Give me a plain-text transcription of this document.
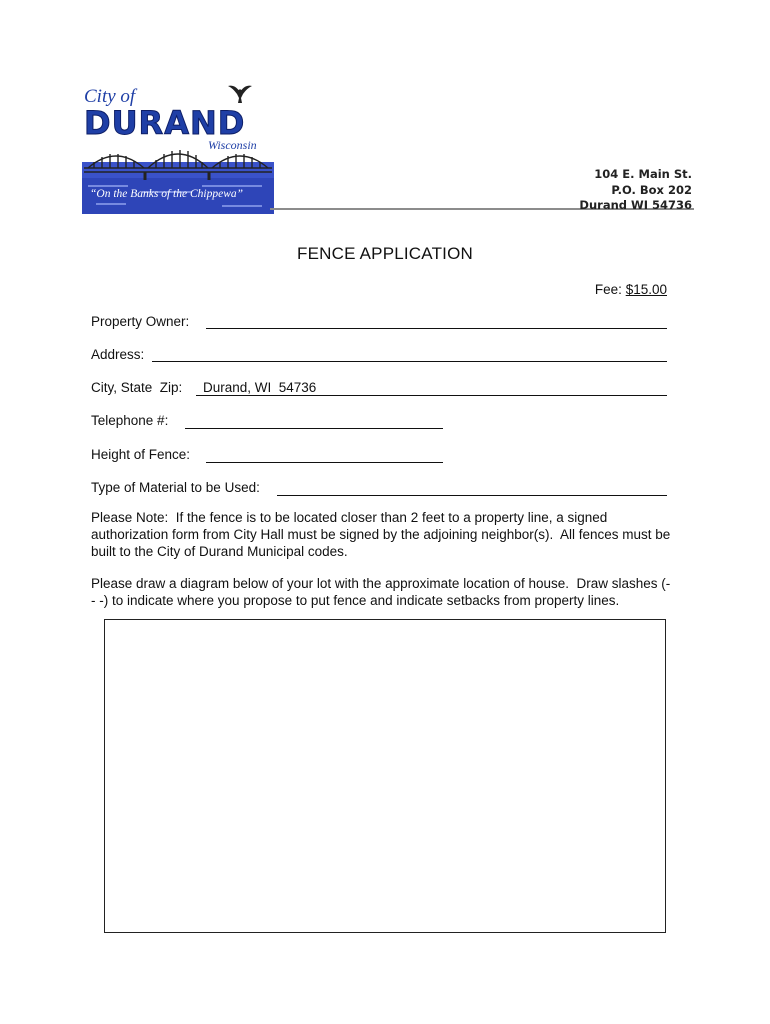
City of
DURAND
Wisconsin
“On the Banks of the Chippewa”
104 E. Main St.
P.O. Box 202
Durand WI 54736
FENCE APPLICATION
Fee: $15.00
Property Owner:
Address:
City, State  Zip: Durand, WI  54736
Telephone #:
Height of Fence:
Type of Material to be Used:
Please Note:  If the fence is to be located closer than 2 feet to a property line, a signed authorization form from City Hall must be signed by the adjoining neighbor(s).  All fences must be built to the City of Durand Municipal codes.
Please draw a diagram below of your lot with the approximate location of house.  Draw slashes (- - -) to indicate where you propose to put fence and indicate setbacks from property lines.
